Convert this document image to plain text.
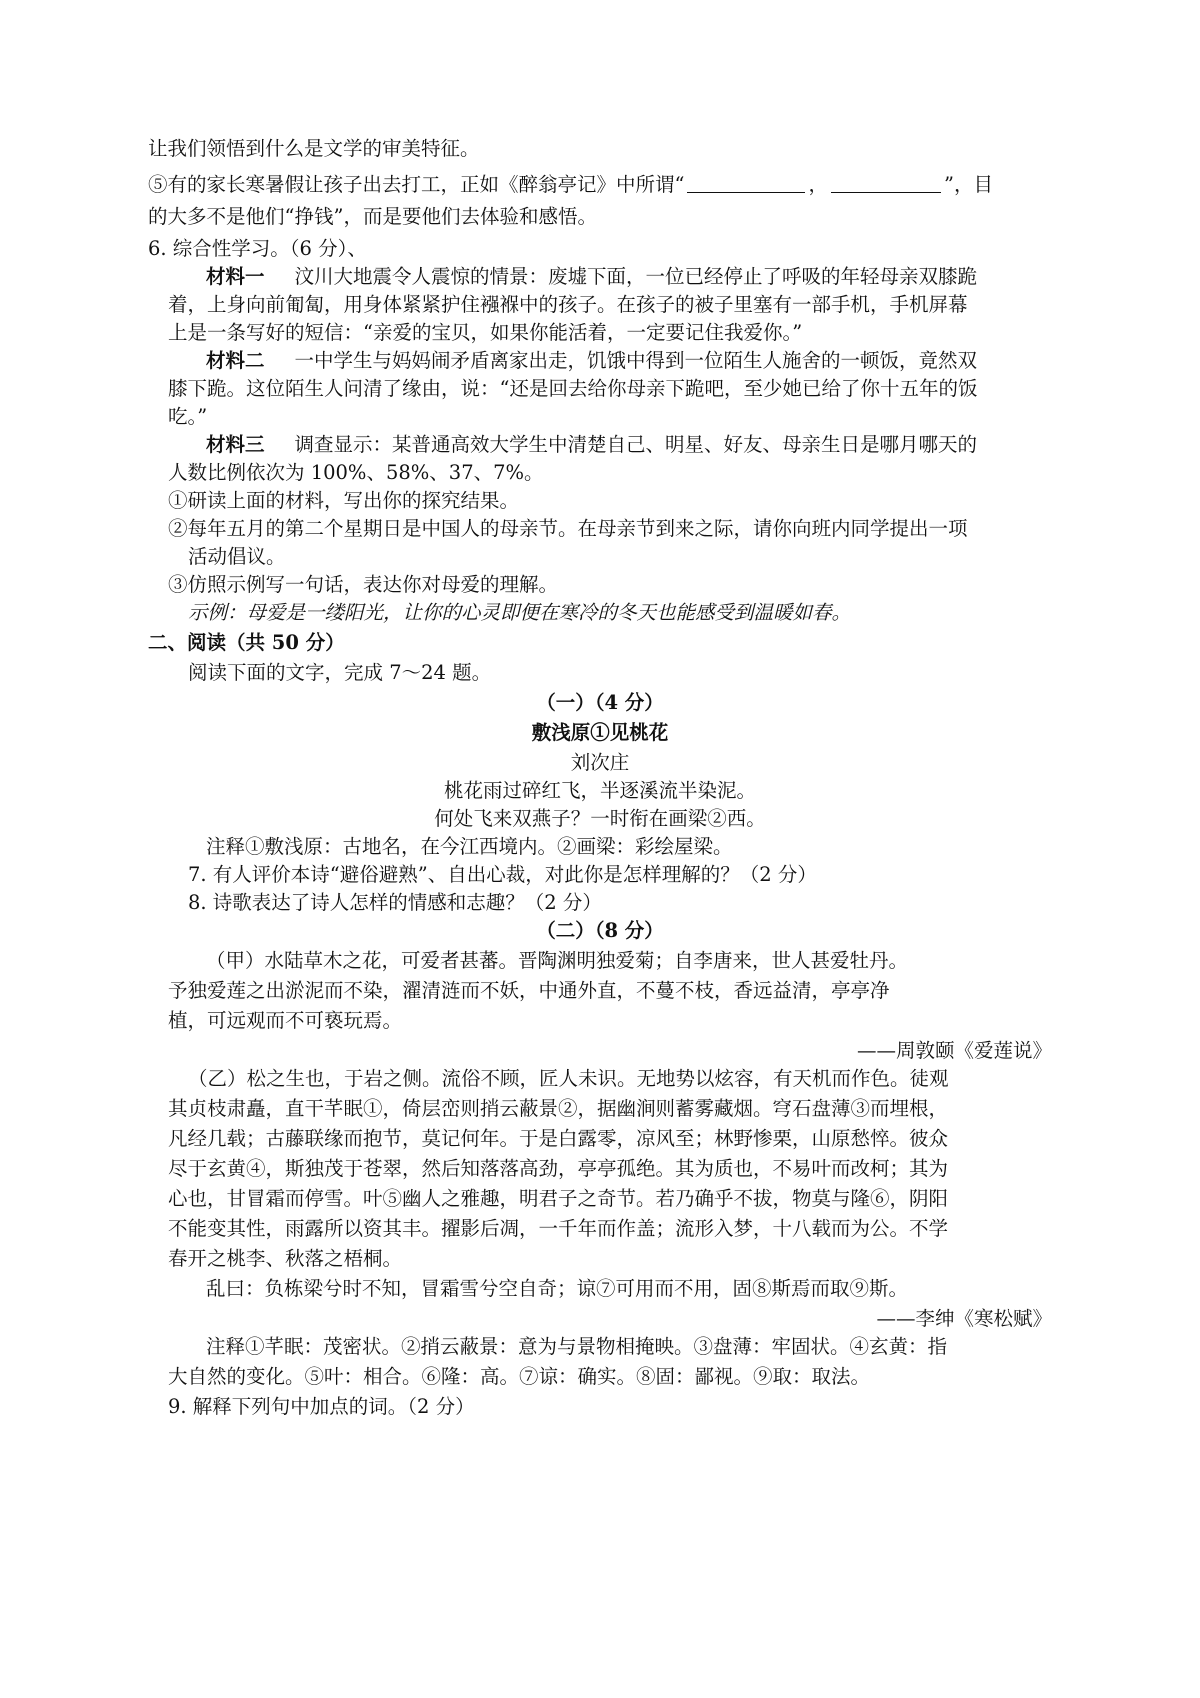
让我们领悟到什么是文学的审美特征。
⑤有的家长寒暑假让孩子出去打工，正如《醉翁亭记》中所谓“	，	”，目
的大多不是他们“挣钱”，而是要他们去体验和感悟。
6. 综合性学习。（6 分）、
材料一 汶川大地震令人震惊的情景：废墟下面，一位已经停止了呼吸的年轻母亲双膝跪
着，上身向前匍匐，用身体紧紧护住襁褓中的孩子。在孩子的被子里塞有一部手机，手机屏幕
上是一条写好的短信：“亲爱的宝贝，如果你能活着，一定要记住我爱你。”
材料二 一中学生与妈妈闹矛盾离家出走，饥饿中得到一位陌生人施舍的一顿饭，竟然双
膝下跪。这位陌生人问清了缘由，说：“还是回去给你母亲下跪吧，至少她已给了你十五年的饭
吃。”
材料三 调查显示：某普通高效大学生中清楚自己、明星、好友、母亲生日是哪月哪天的
人数比例依次为 100%、58%、37、7%。
①研读上面的材料，写出你的探究结果。
②每年五月的第二个星期日是中国人的母亲节。在母亲节到来之际，请你向班内同学提出一项
活动倡议。
③仿照示例写一句话，表达你对母爱的理解。
示例：母爱是一缕阳光，让你的心灵即便在寒冷的冬天也能感受到温暖如春。
二、阅读（共 50 分）
阅读下面的文字，完成 7～24 题。
（一）（4 分）
敷浅原①见桃花
刘次庄
桃花雨过碎红飞，半逐溪流半染泥。
何处飞来双燕子？一时衔在画梁②西。
注释①敷浅原：古地名，在今江西境内。②画梁：彩绘屋梁。
7. 有人评价本诗“避俗避熟”、自出心裁，对此你是怎样理解的？（2 分）
8. 诗歌表达了诗人怎样的情感和志趣？（2 分）
（二）（8 分）
（甲）水陆草木之花，可爱者甚蕃。晋陶渊明独爱菊；自李唐来，世人甚爱牡丹。
予独爱莲之出淤泥而不染，濯清涟而不妖，中通外直，不蔓不枝，香远益清，亭亭净
植，可远观而不可亵玩焉。
——周敦颐《爱莲说》
（乙）松之生也，于岩之侧。流俗不顾，匠人未识。无地势以炫容，有天机而作色。徒观
其贞枝肃矗，直干芊眠①，倚层峦则捎云蔽景②，据幽涧则蓄雾藏烟。穹石盘薄③而埋根，
凡经几载；古藤联缘而抱节，莫记何年。于是白露零，凉风至；林野惨栗，山原愁悴。彼众
尽于玄黄④，斯独茂于苍翠，然后知落落高劲，亭亭孤绝。其为质也，不易叶而改柯；其为
心也，甘冒霜而停雪。叶⑤幽人之雅趣，明君子之奇节。若乃确乎不拔，物莫与隆⑥，阴阳
不能变其性，雨露所以资其丰。擢影后凋，一千年而作盖；流形入梦，十八载而为公。不学
春开之桃李、秋落之梧桐。
乱曰：负栋梁兮时不知，冒霜雪兮空自奇；谅⑦可用而不用，固⑧斯焉而取⑨斯。
——李绅《寒松赋》
注释①芊眠：茂密状。②捎云蔽景：意为与景物相掩映。③盘薄：牢固状。④玄黄：指
大自然的变化。⑤叶：相合。⑥隆：高。⑦谅：确实。⑧固：鄙视。⑨取：取法。
9. 解释下列句中加点的词。（2 分）
